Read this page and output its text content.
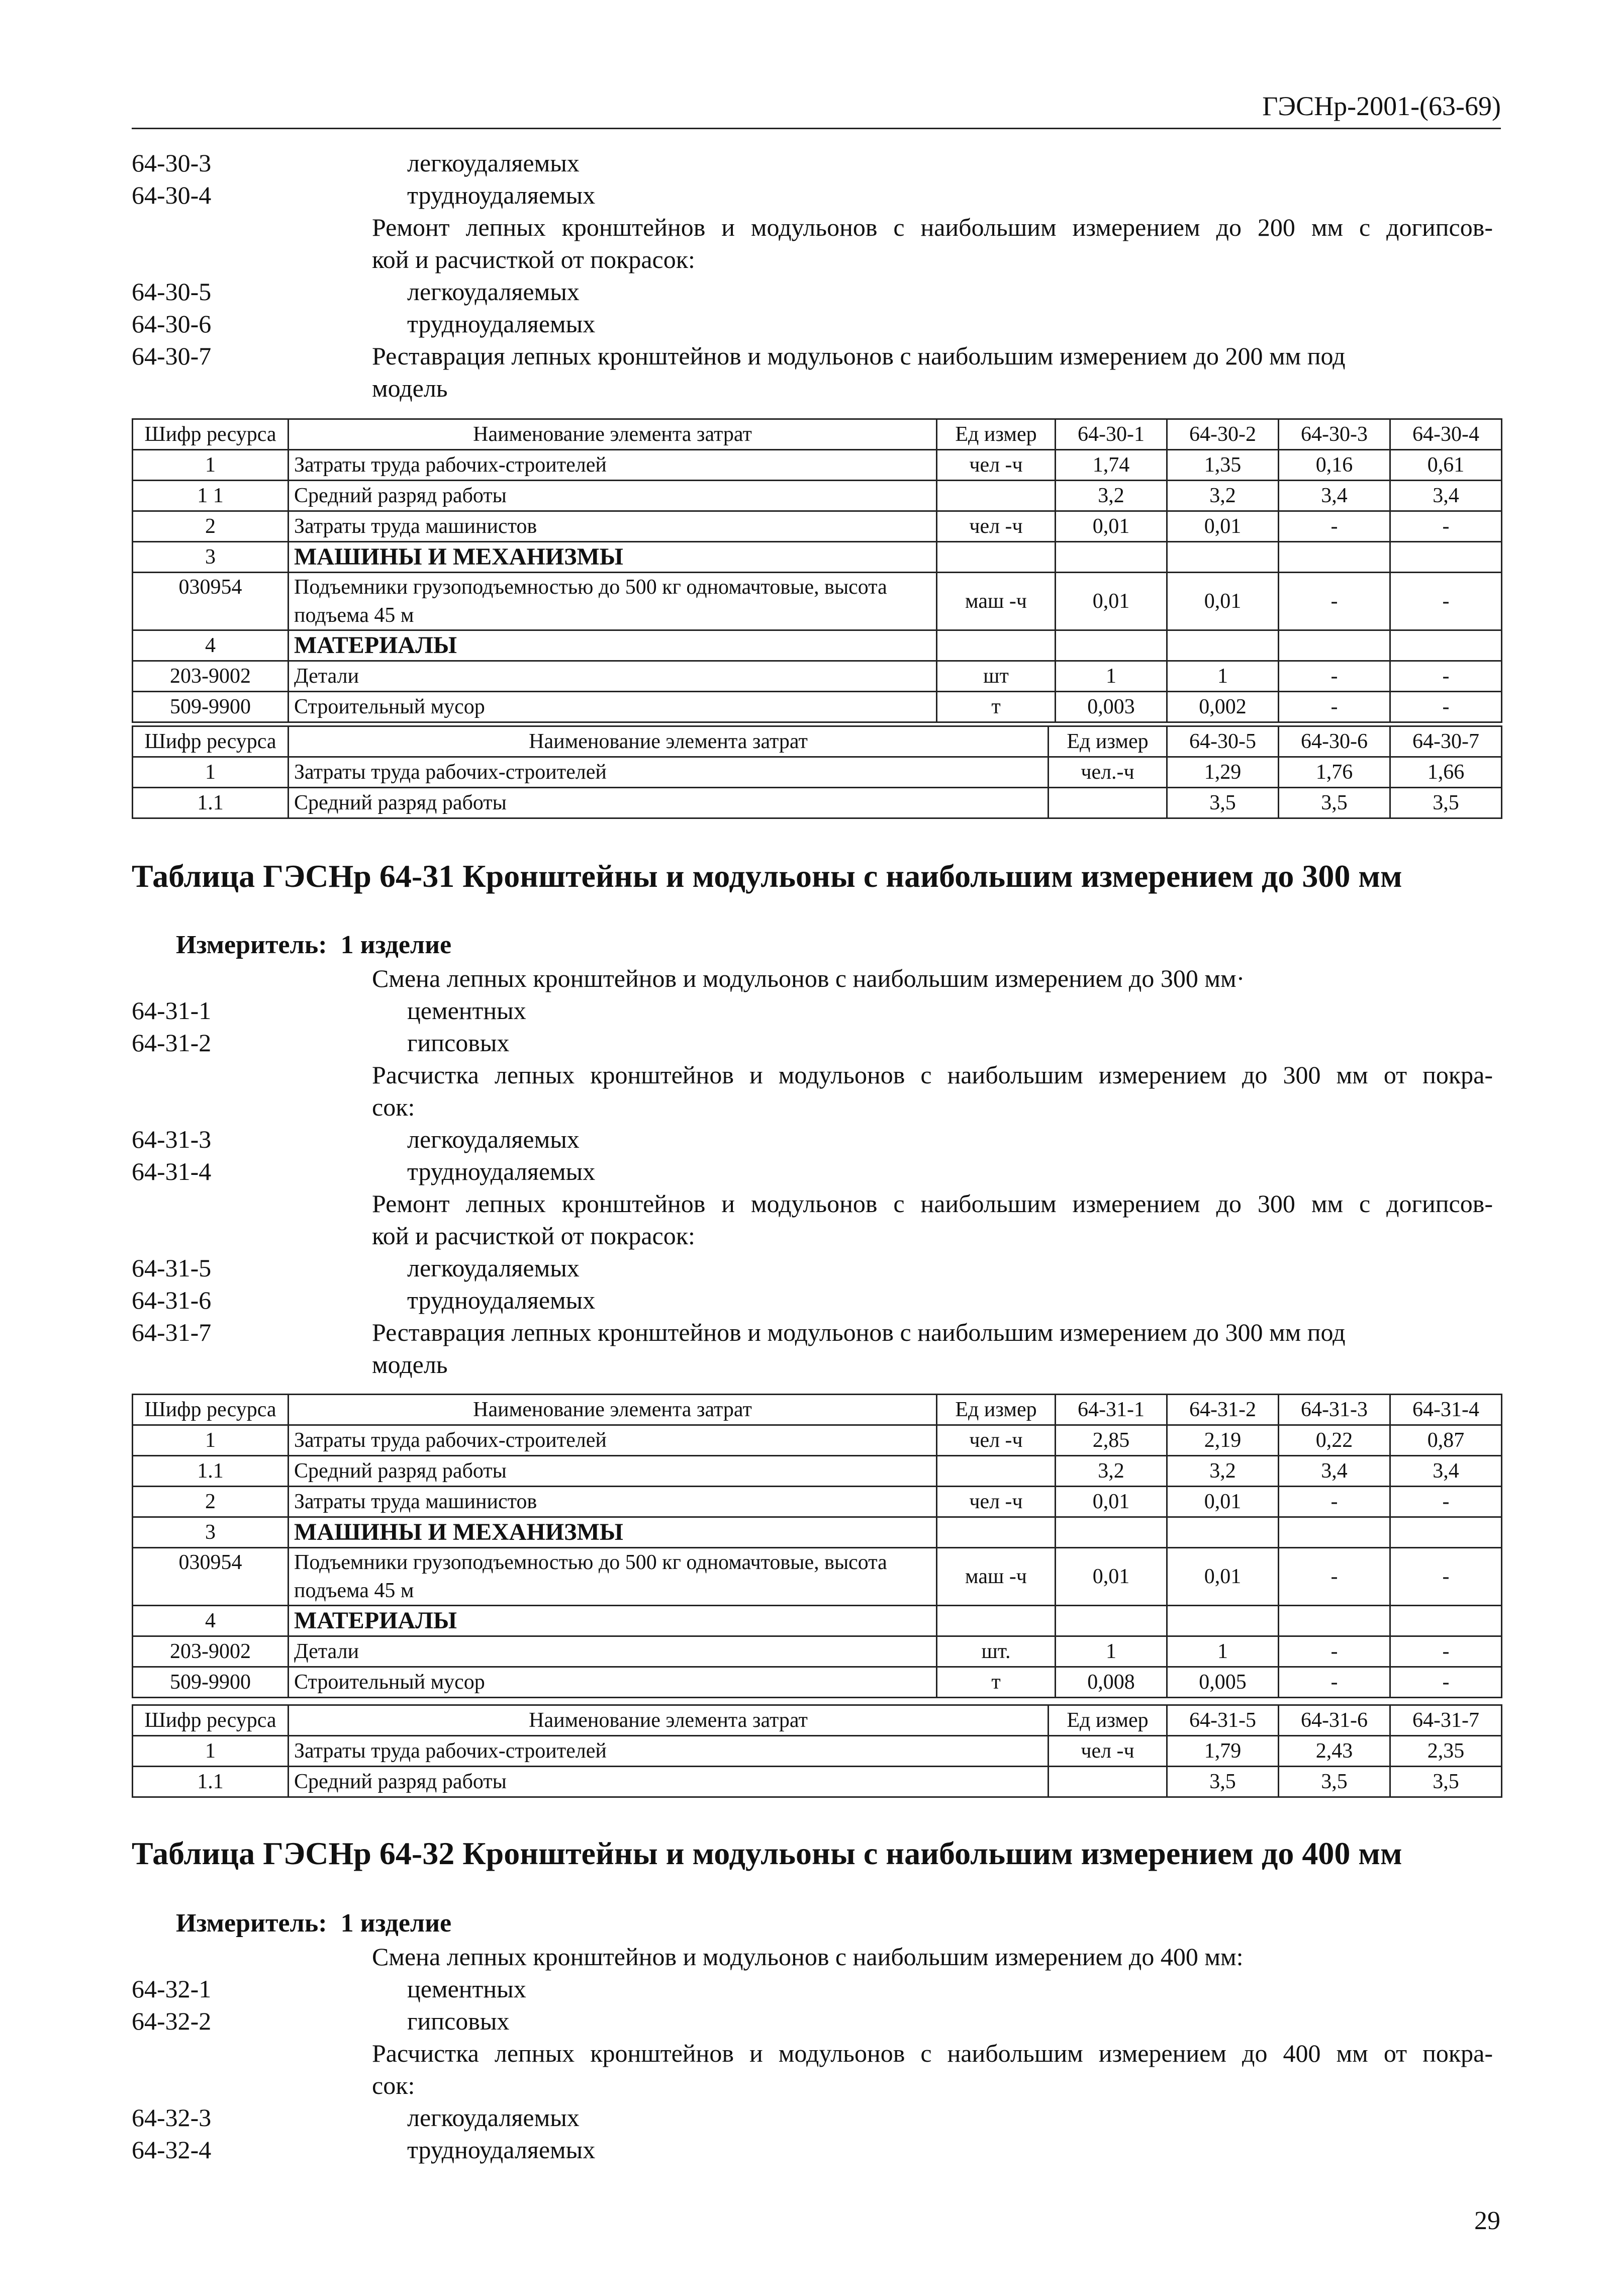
ГЭСНр-2001-(63-69)
64-30-3	легкоудаляемых
64-30-4	трудноудаляемых
Ремонт лепных кронштейнов и модульонов с наибольшим измерением до 200 мм с догипсов-
кой и расчисткой от покрасок:
64-30-5	легкоудаляемых
64-30-6	трудноудаляемых
64-30-7	Реставрация лепных кронштейнов и модульонов с наибольшим измерением до 200 мм под
модель
Шифр ресурса	Наименование элемента затрат	Ед измер	64-30-1	64-30-2	64-30-3	64-30-4
1	Затраты труда рабочих-строителей	чел -ч	1,74	1,35	0,16	0,61
1 1	Средний разряд работы		3,2	3,2	3,4	3,4
2	Затраты труда машинистов	чел -ч	0,01	0,01	-	-
3	МАШИНЫ И МЕХАНИЗМЫ					
030954	Подъемники грузоподъемностью до 500 кг одномачтовые, высота подъема 45 м	маш -ч	0,01	0,01	-	-
4	МАТЕРИАЛЫ					
203-9002	Детали	шт	1	1	-	-
509-9900	Строительный мусор	т	0,003	0,002	-	-
Шифр ресурса	Наименование элемента затрат	Ед измер	64-30-5	64-30-6	64-30-7
1	Затраты труда рабочих-строителей	чел.-ч	1,29	1,76	1,66
1.1	Средний разряд работы		3,5	3,5	3,5
Таблица ГЭСНр 64-31 Кронштейны и модульоны с наибольшим измерением до 300 мм
Измеритель: 1 изделие
Смена лепных кронштейнов и модульонов с наибольшим измерением до 300 мм·
64-31-1	цементных
64-31-2	гипсовых
Расчистка лепных кронштейнов и модульонов с наибольшим измерением до 300 мм от покра-
сок:
64-31-3	легкоудаляемых
64-31-4	трудноудаляемых
Ремонт лепных кронштейнов и модульонов с наибольшим измерением до 300 мм с догипсов-
кой и расчисткой от покрасок:
64-31-5	легкоудаляемых
64-31-6	трудноудаляемых
64-31-7	Реставрация лепных кронштейнов и модульонов с наибольшим измерением до 300 мм под
модель
Шифр ресурса	Наименование элемента затрат	Ед измер	64-31-1	64-31-2	64-31-3	64-31-4
1	Затраты труда рабочих-строителей	чел -ч	2,85	2,19	0,22	0,87
1.1	Средний разряд работы		3,2	3,2	3,4	3,4
2	Затраты труда машинистов	чел -ч	0,01	0,01	-	-
3	МАШИНЫ И МЕХАНИЗМЫ					
030954	Подъемники грузоподъемностью до 500 кг одномачтовые, высота подъема 45 м	маш -ч	0,01	0,01	-	-
4	МАТЕРИАЛЫ					
203-9002	Детали	шт.	1	1	-	-
509-9900	Строительный мусор	т	0,008	0,005	-	-
Шифр ресурса	Наименование элемента затрат	Ед измер	64-31-5	64-31-6	64-31-7
1	Затраты труда рабочих-строителей	чел -ч	1,79	2,43	2,35
1.1	Средний разряд работы		3,5	3,5	3,5
Таблица ГЭСНр 64-32 Кронштейны и модульоны с наибольшим измерением до 400 мм
Измеритель: 1 изделие
Смена лепных кронштейнов и модульонов с наибольшим измерением до 400 мм:
64-32-1	цементных
64-32-2	гипсовых
Расчистка лепных кронштейнов и модульонов с наибольшим измерением до 400 мм от покра-
сок:
64-32-3	легкоудаляемых
64-32-4	трудноудаляемых
29
